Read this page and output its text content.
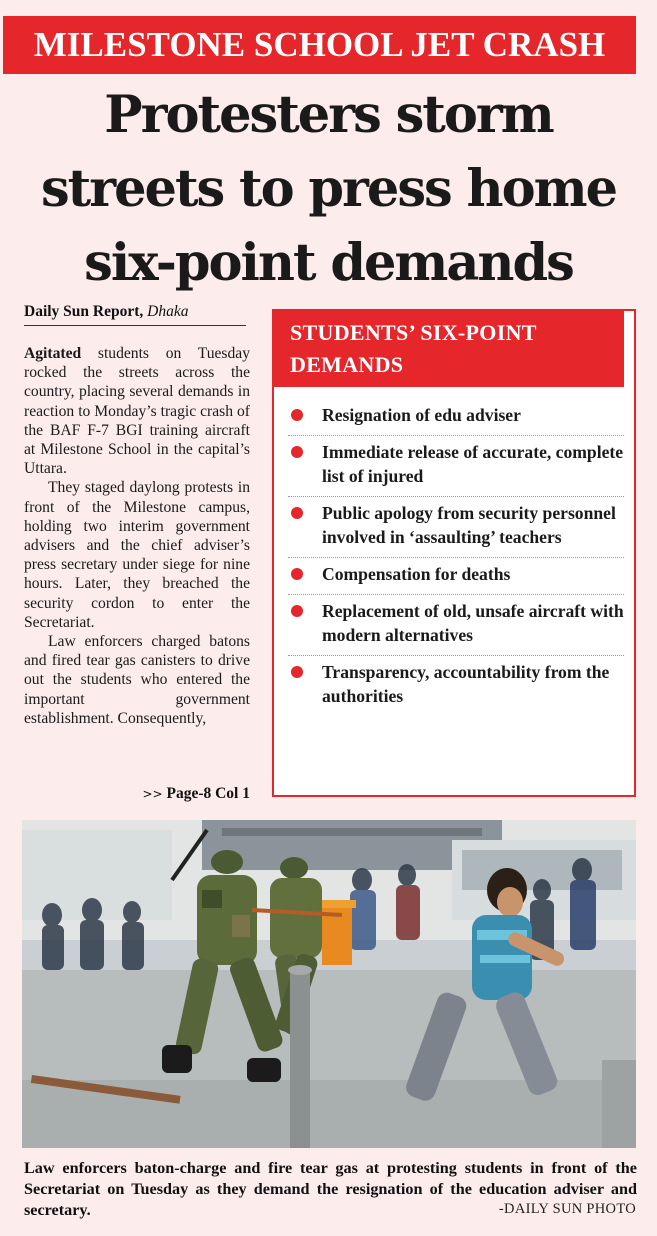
MILESTONE SCHOOL JET CRASH
Protesters storm
streets to press home
six-point demands
Daily Sun Report, Dhaka

Agitated students on Tuesday rocked the streets across the country, placing several demands in reaction to Monday’s tragic crash of the BAF F-7 BGI training aircraft at Milestone School in the capital’s Uttara.

They staged daylong protests in front of the Milestone campus, holding two interim government advisers and the chief adviser’s press secretary under siege for nine hours. Later, they breached the security cordon to enter the Secretariat.

Law enforcers charged batons and fired tear gas canisters to drive out the students who entered the important government establishment. Consequently,

>> Page-8 Col 1
STUDENTS’ SIX-POINT
DEMANDS
Resignation of edu adviser
Immediate release of accurate, complete list of injured
Public apology from security personnel involved in ‘assaulting’ teachers
Compensation for deaths
Replacement of old, unsafe aircraft with modern alternatives
Transparency, accountability from the authorities
Law enforcers baton-charge and fire tear gas at protesting students in front of the Secretariat on Tuesday as they demand the resignation of the education adviser and secretary.	-DAILY SUN PHOTO
